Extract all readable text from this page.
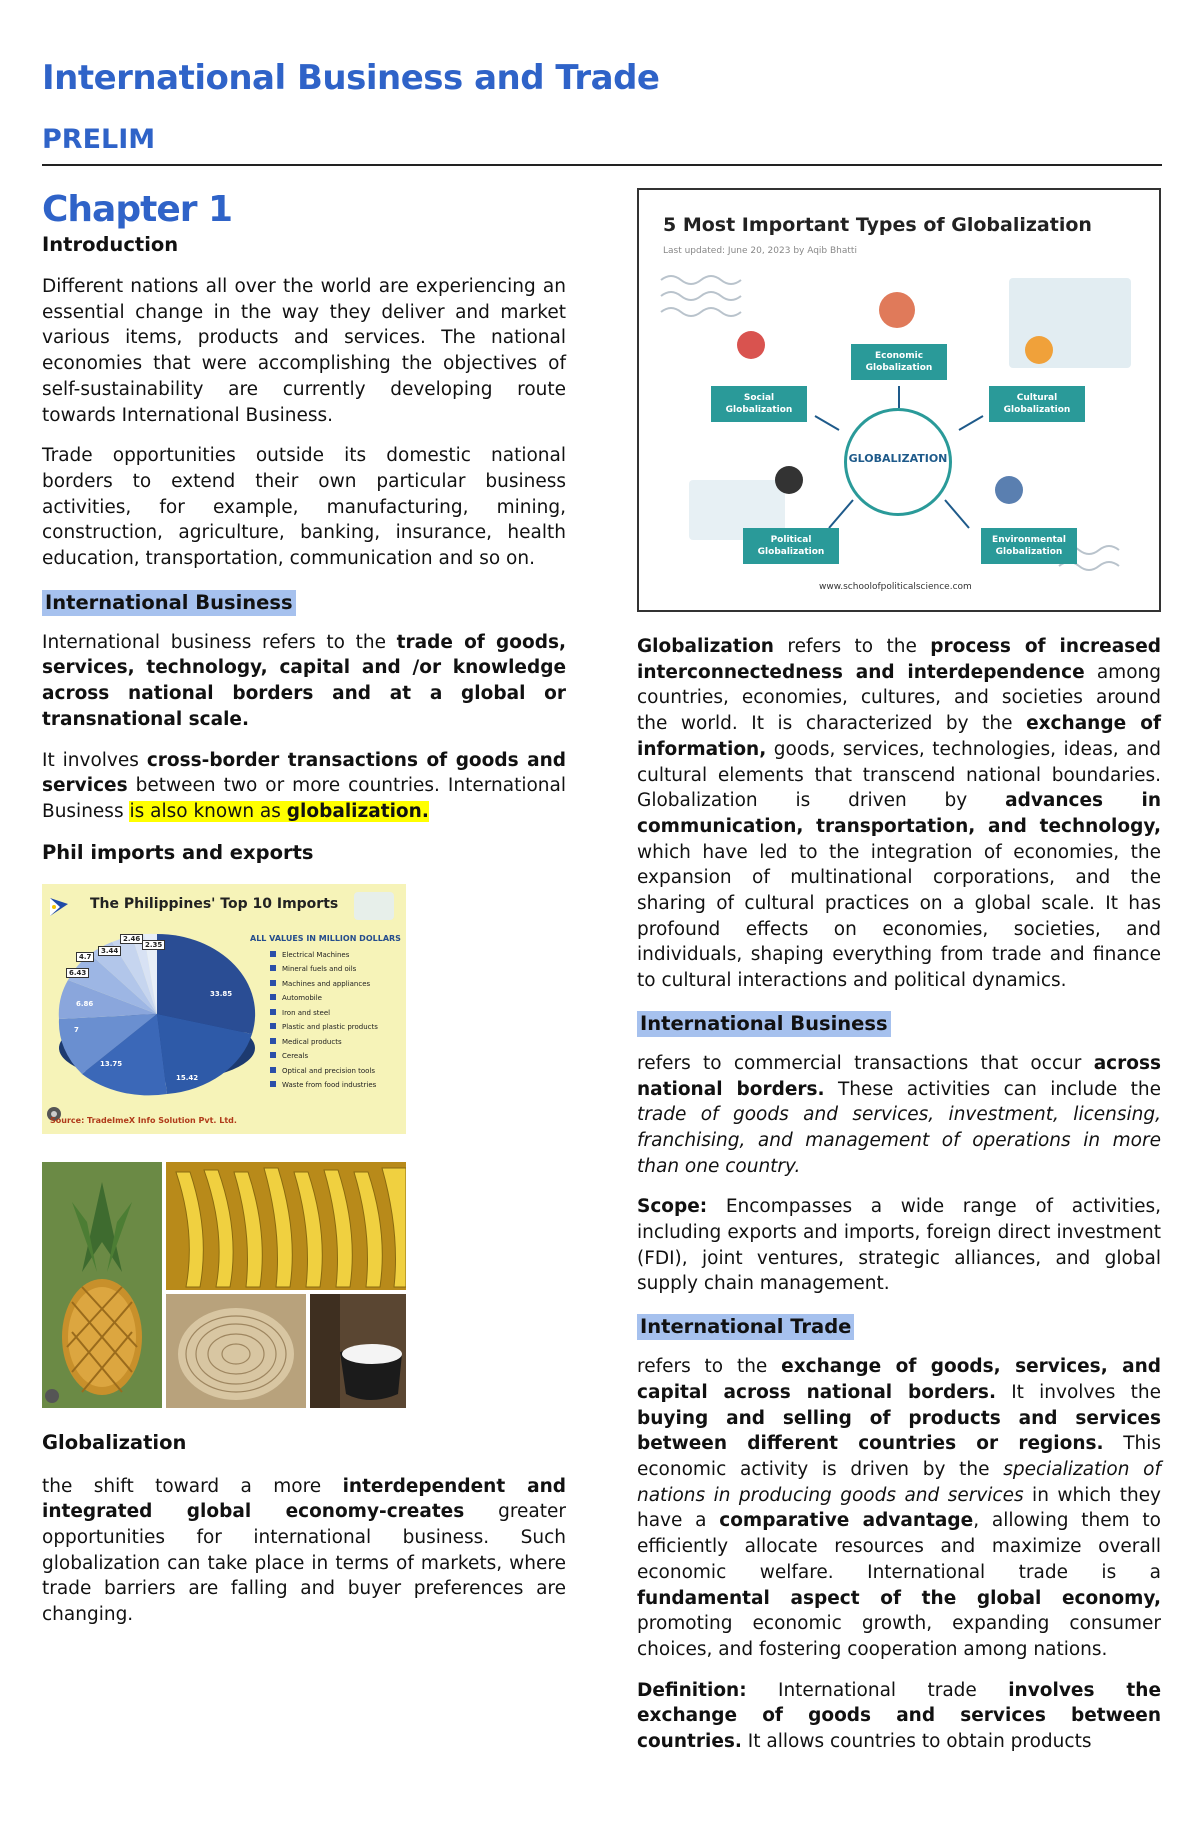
International Business and Trade
PRELIM
Chapter 1
Introduction

Different nations all over the world are experiencing an essential change in the way they deliver and market various items, products and services. The national economies that were accomplishing the objectives of self-sustainability are currently developing route towards International Business.

Trade opportunities outside its domestic national borders to extend their own particular business activities, for example, manufacturing, mining, construction, agriculture, banking, insurance, health education, transportation, communication and so on.

International Business

International business refers to the trade of goods, services, technology, capital and /or knowledge across national borders and at a global or transnational scale.

It involves cross-border transactions of goods and services between two or more countries. International Business is also known as globalization.

Phil imports and exports
The Philippines' Top 10 Imports
ALL VALUES IN MILLION DOLLARS
Electrical Machines
Mineral fuels and oils
Machines and appliances
Automobile
Iron and steel
Plastic and plastic products
Medical products
Cereals
Optical and precision tools
Waste from food industries
33.85
15.42
13.75
7
6.86
6.43
4.7
3.44
2.46
2.35
Source: TradeImeX Info Solution Pvt. Ltd.
Globalization

the shift toward a more interdependent and integrated global economy-creates greater opportunities for international business. Such globalization can take place in terms of markets, where trade barriers are falling and buyer preferences are changing.

5 Most Important Types of Globalization
Last updated: June 20, 2023 by Aqib Bhatti
GLOBALIZATION
Economic Globalization
Social Globalization
Cultural Globalization
Political Globalization
Environmental Globalization
www.schoolofpoliticalscience.com

Globalization refers to the process of increased interconnectedness and interdependence among countries, economies, cultures, and societies around the world. It is characterized by the exchange of information, goods, services, technologies, ideas, and cultural elements that transcend national boundaries. Globalization is driven by advances in communication, transportation, and technology, which have led to the integration of economies, the expansion of multinational corporations, and the sharing of cultural practices on a global scale. It has profound effects on economies, societies, and individuals, shaping everything from trade and finance to cultural interactions and political dynamics.

International Business

refers to commercial transactions that occur across national borders. These activities can include the trade of goods and services, investment, licensing, franchising, and management of operations in more than one country.

Scope: Encompasses a wide range of activities, including exports and imports, foreign direct investment (FDI), joint ventures, strategic alliances, and global supply chain management.

International Trade

refers to the exchange of goods, services, and capital across national borders. It involves the buying and selling of products and services between different countries or regions. This economic activity is driven by the specialization of nations in producing goods and services in which they have a comparative advantage, allowing them to efficiently allocate resources and maximize overall economic welfare. International trade is a fundamental aspect of the global economy, promoting economic growth, expanding consumer choices, and fostering cooperation among nations.

Definition: International trade involves the exchange of goods and services between countries. It allows countries to obtain products
